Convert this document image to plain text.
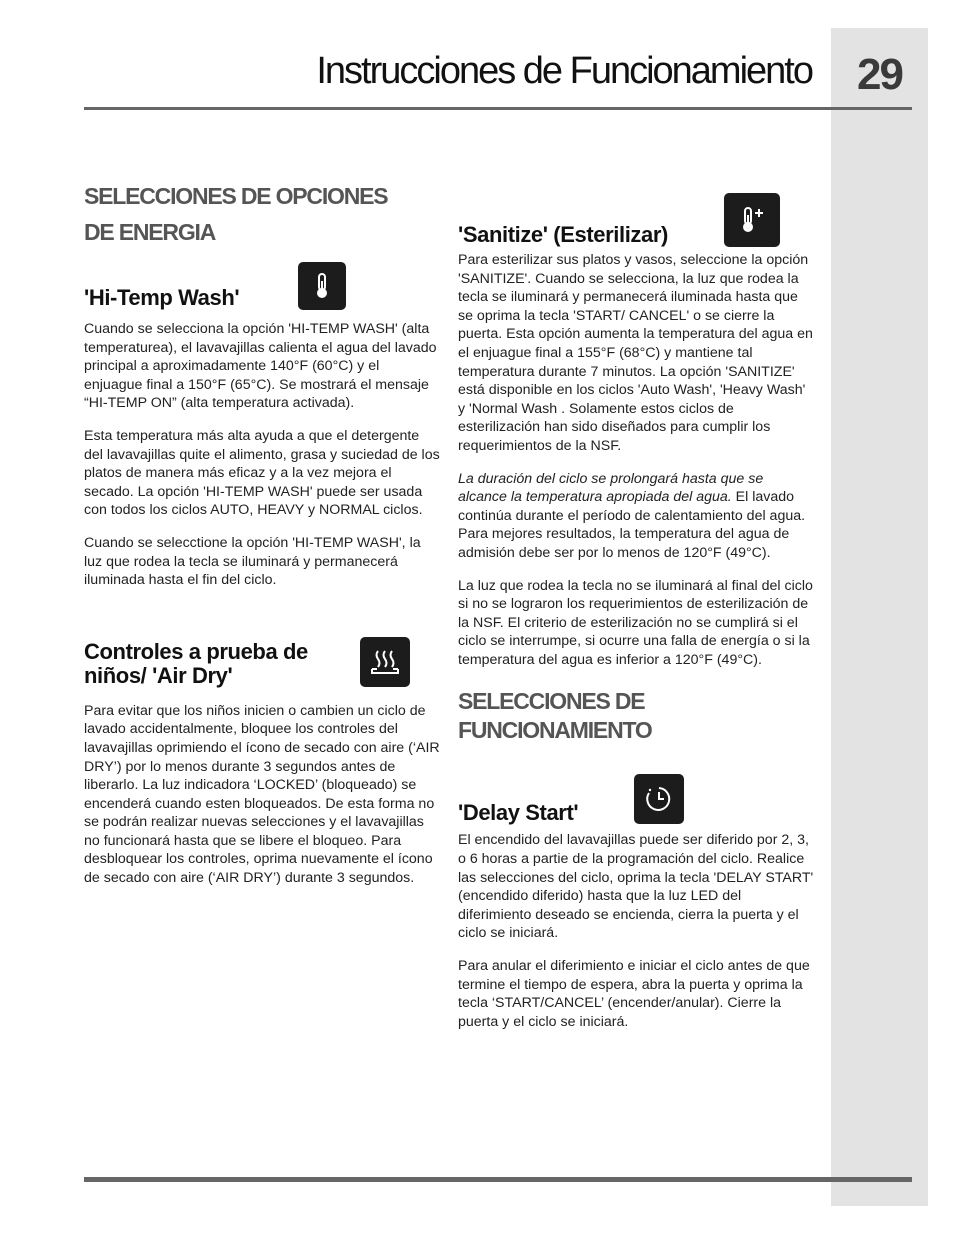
29
Instrucciones de Funcionamiento
SELECCIONES DE OPCIONES
DE ENERGIA
'Hi-Temp Wash'

Cuando se selecciona la opción 'HI-TEMP WASH' (alta temperaturea), el lavavajillas calienta el agua del lavado principal a aproximadamente 140°F (60°C) y el enjuague final a 150°F (65°C). Se mostrará el mensaje “HI-TEMP ON” (alta temperatura activada).

Esta temperatura más alta ayuda a que el detergente del lavavajillas quite el alimento, grasa y suciedad de los platos de manera más eficaz y a la vez mejora el secado. La opción 'HI-TEMP WASH' puede ser usada con todos los ciclos AUTO, HEAVY y NORMAL ciclos.

Cuando se selecctione la opción 'HI-TEMP WASH', la luz que rodea la tecla se iluminará y permanecerá iluminada hasta el fin del ciclo.

Controles a prueba de
niños/ 'Air Dry'

Para evitar que los niños inicien o cambien un ciclo de lavado accidentalmente, bloquee los controles del lavavajillas oprimiendo el ícono de secado con aire (‘AIR DRY’) por lo menos durante 3 segundos antes de liberarlo. La luz indicadora ‘LOCKED’ (bloqueado) se encenderá cuando esten bloqueados. De esta forma no se podrán realizar nuevas selecciones y el lavavajillas no funcionará hasta que se libere el bloqueo. Para desbloquear los controles, oprima nuevamente el ícono de secado con aire (‘AIR DRY’) durante 3 segundos.

'Sanitize' (Esterilizar)

Para esterilizar sus platos y vasos, seleccione la opción 'SANITIZE'. Cuando se selecciona, la luz que rodea la tecla se iluminará y permanecerá iluminada hasta que se oprima la tecla 'START/ CANCEL' o se cierre la puerta. Esta opción aumenta la temperatura del agua en el enjuague final a 155°F (68°C) y mantiene tal temperatura durante 7 minutos. La opción 'SANITIZE' está disponible en los ciclos 'Auto Wash', 'Heavy Wash' y 'Normal Wash . Solamente estos ciclos de esterilización han sido diseñados para cumplir los requerimientos de la NSF.

La duración del ciclo se prolongará hasta que se alcance la temperatura apropiada del agua. El lavado continúa durante el período de calentamiento del agua. Para mejores resultados, la temperatura del agua de admisión debe ser por lo menos de 120°F (49°C).

La luz que rodea la tecla no se iluminará al final del ciclo si no se lograron los requerimientos de esterilización de la NSF. El criterio de esterilización no se cumplirá si el ciclo se interrumpe, si ocurre una falla de energía o si la temperatura del agua es inferior a 120°F (49°C).

SELECCIONES DE
FUNCIONAMIENTO
'Delay Start'

El encendido del lavavajillas puede ser diferido por 2, 3, o 6 horas a partie de la programación del ciclo. Realice las selecciones del ciclo, oprima la tecla 'DELAY START' (encendido diferido) hasta que la luz LED del diferimiento deseado se encienda, cierra la puerta y el ciclo se iniciará.

Para anular el diferimiento e iniciar el ciclo antes de que termine el tiempo de espera, abra la puerta y oprima la tecla ‘START/CANCEL’ (encender/anular). Cierre la puerta y el ciclo se iniciará.
